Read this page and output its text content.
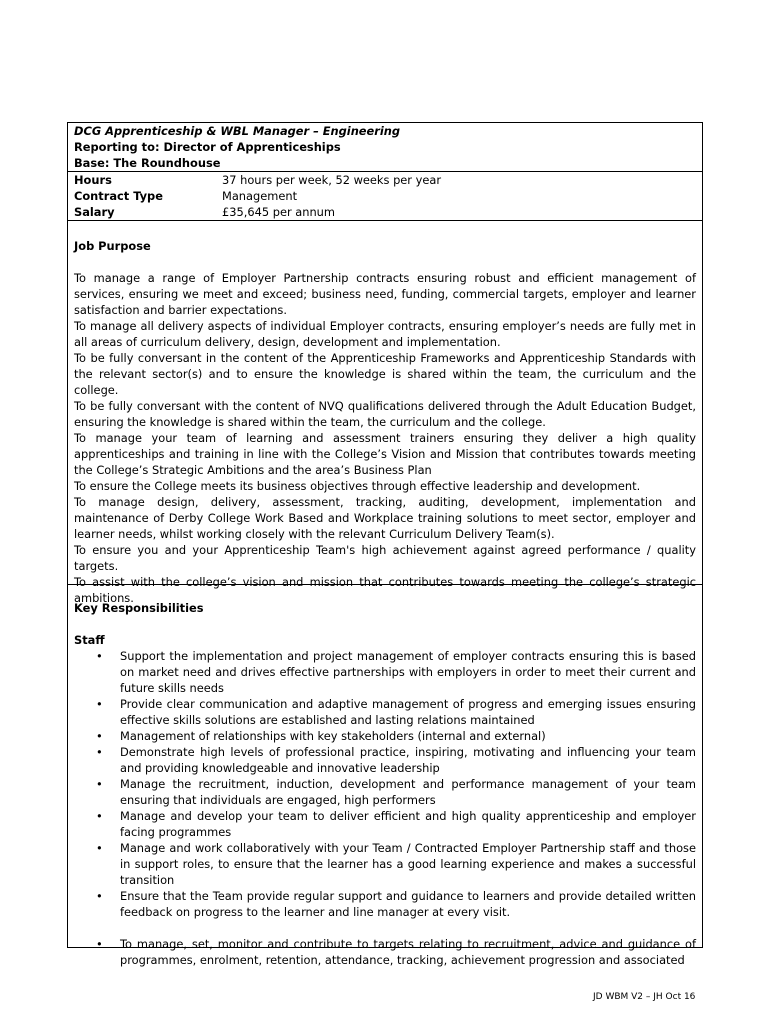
DCG Apprenticeship & WBL Manager – Engineering
Reporting to: Director of Apprenticeships
Base: The Roundhouse
Hours	37 hours per week, 52 weeks per year
Contract Type	Management
Salary	£35,645 per annum
Job Purpose

To manage a range of Employer Partnership contracts ensuring robust and efficient management of services, ensuring we meet and exceed; business need, funding, commercial targets, employer and learner satisfaction and barrier expectations.

To manage all delivery aspects of individual Employer contracts, ensuring employer’s needs are fully met in all areas of curriculum delivery, design, development and implementation.

To be fully conversant in the content of the Apprenticeship Frameworks and Apprenticeship Standards with the relevant sector(s) and to ensure the knowledge is shared within the team, the curriculum and the college.

To be fully conversant with the content of NVQ qualifications delivered through the Adult Education Budget, ensuring the knowledge is shared within the team, the curriculum and the college.

To manage your team of learning and assessment trainers ensuring they deliver a high quality apprenticeships and training in line with the College’s Vision and Mission that contributes towards meeting the College’s Strategic Ambitions and the area’s Business Plan

To ensure the College meets its business objectives through effective leadership and development.

To manage design, delivery, assessment, tracking, auditing, development, implementation and maintenance of Derby College Work Based and Workplace training solutions to meet sector, employer and learner needs, whilst working closely with the relevant Curriculum Delivery Team(s).

To ensure you and your Apprenticeship Team's high achievement against agreed performance / quality targets.

To assist with the college’s vision and mission that contributes towards meeting the college’s strategic ambitions.

Key Responsibilities
Staff
• Support the implementation and project management of employer contracts ensuring this is based on market need and drives effective partnerships with employers in order to meet their current and future skills needs
• Provide clear communication and adaptive management of progress and emerging issues ensuring effective skills solutions are established and lasting relations maintained
• Management of relationships with key stakeholders (internal and external)
• Demonstrate high levels of professional practice, inspiring, motivating and influencing your team and providing knowledgeable and innovative leadership
• Manage the recruitment, induction, development and performance management of your team ensuring that individuals are engaged, high performers
• Manage and develop your team to deliver efficient and high quality apprenticeship and employer facing programmes
• Manage and work collaboratively with your Team / Contracted Employer Partnership staff and those in support roles, to ensure that the learner has a good learning experience and makes a successful transition
• Ensure that the Team provide regular support and guidance to learners and provide detailed written feedback on progress to the learner and line manager at every visit.
• To manage, set, monitor and contribute to targets relating to recruitment, advice and guidance of programmes, enrolment, retention, attendance, tracking, achievement progression and associated
JD WBM V2 – JH Oct 16
